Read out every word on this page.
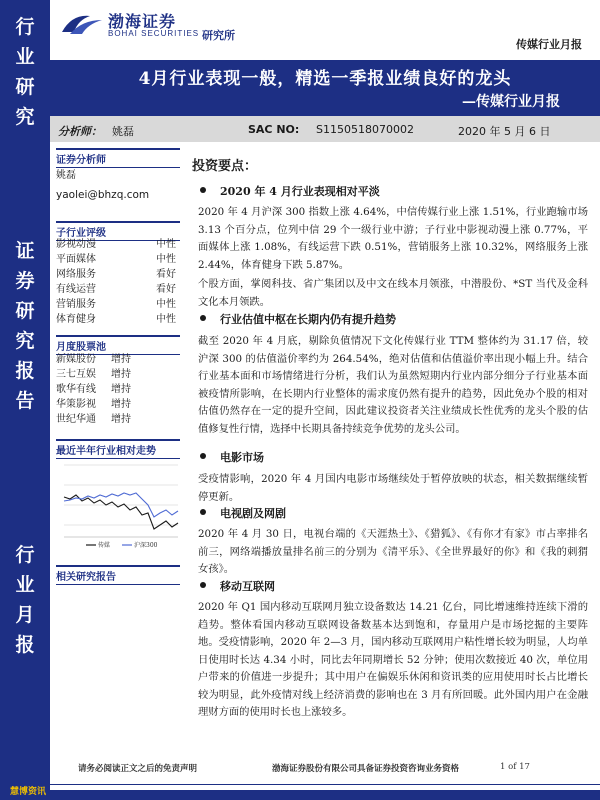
行
业
研
究
证
券
研
究
报
告
行
业
月
报
渤海证券
BOHAI SECURITIES 研究所
传媒行业月报
4月行业表现一般，精选一季报业绩良好的龙头
—传媒行业月报
分析师： 姚磊	SAC NO: S1150518070002	2020 年 5 月 6 日
证券分析师
姚磊
yaolei@bhzq.com
子行业评级
影视动漫	中性
平面媒体	中性
网络服务	看好
有线运营	看好
营销服务	中性
体育健身	中性
月度股票池
新媒股份 增持
三七互娱 增持
歌华有线 增持
华策影视 增持
世纪华通 增持
最近半年行业相对走势
传媒	沪深300
相关研究报告
投资要点：
2020 年 4 月行业表现相对平淡
2020 年 4 月沪深 300 指数上涨 4.64%，中信传媒行业上涨 1.51%，行业跑输市场 3.13 个百分点，位列中信 29 个一级行业中游；子行业中影视动漫上涨 0.77%，平面媒体上涨 1.08%，有线运营下跌 0.51%，营销服务上涨 10.32%，网络服务上涨 2.44%，体育健身下跌 5.87%。
个股方面，掌阅科技、省广集团以及中文在线本月领涨，中潜股份、*ST 当代及金科文化本月领跌。
行业估值中枢在长期内仍有提升趋势
截至 2020 年 4 月底，剔除负值情况下文化传媒行业 TTM 整体约为 31.17 倍，较沪深 300 的估值溢价率约为 264.54%，绝对估值和估值溢价率出现小幅上升。结合行业基本面和市场情绪进行分析，我们认为虽然短期内行业内部分细分子行业基本面被疫情所影响，在长期内行业整体的需求度仍然有提升的趋势，因此免办个股的相对估值仍然存在一定的提升空间，因此建议投资者关注业绩成长性优秀的龙头个股的估值修复性行情，选择中长期具备持续竞争优势的龙头公司。
电影市场
受疫情影响，2020 年 4 月国内电影市场继续处于暂停放映的状态，相关数据继续暂停更新。
电视剧及网剧
2020 年 4 月 30 日，电视台端的《天涯热土》、《猎狐》、《有你才有家》市占率排名前三，网络端播放量排名前三的分别为《清平乐》、《全世界最好的你》和《我的刺猬女孩》。
移动互联网
2020 年 Q1 国内移动互联网月独立设备数达 14.21 亿台，同比增速维持连续下滑的趋势。整体看国内移动互联网设备数基本达到饱和，存量用户是市场挖掘的主要阵地。受疫情影响，2020 年 2—3 月，国内移动互联网用户粘性增长较为明显，人均单日使用时长达 4.34 小时，同比去年同期增长 52 分钟；使用次数接近 40 次，单位用户带来的价值进一步提升；其中用户在偏娱乐休闲和资讯类的应用使用时长占比增长较为明显，此外疫情对线上经济消费的影响也在 3 月有所回暖。此外国内用户在金融理财方面的使用时长也上涨较多。
请务必阅读正文之后的免责声明	渤海证券股份有限公司具备证券投资咨询业务资格	1 of 17
慧博资讯
